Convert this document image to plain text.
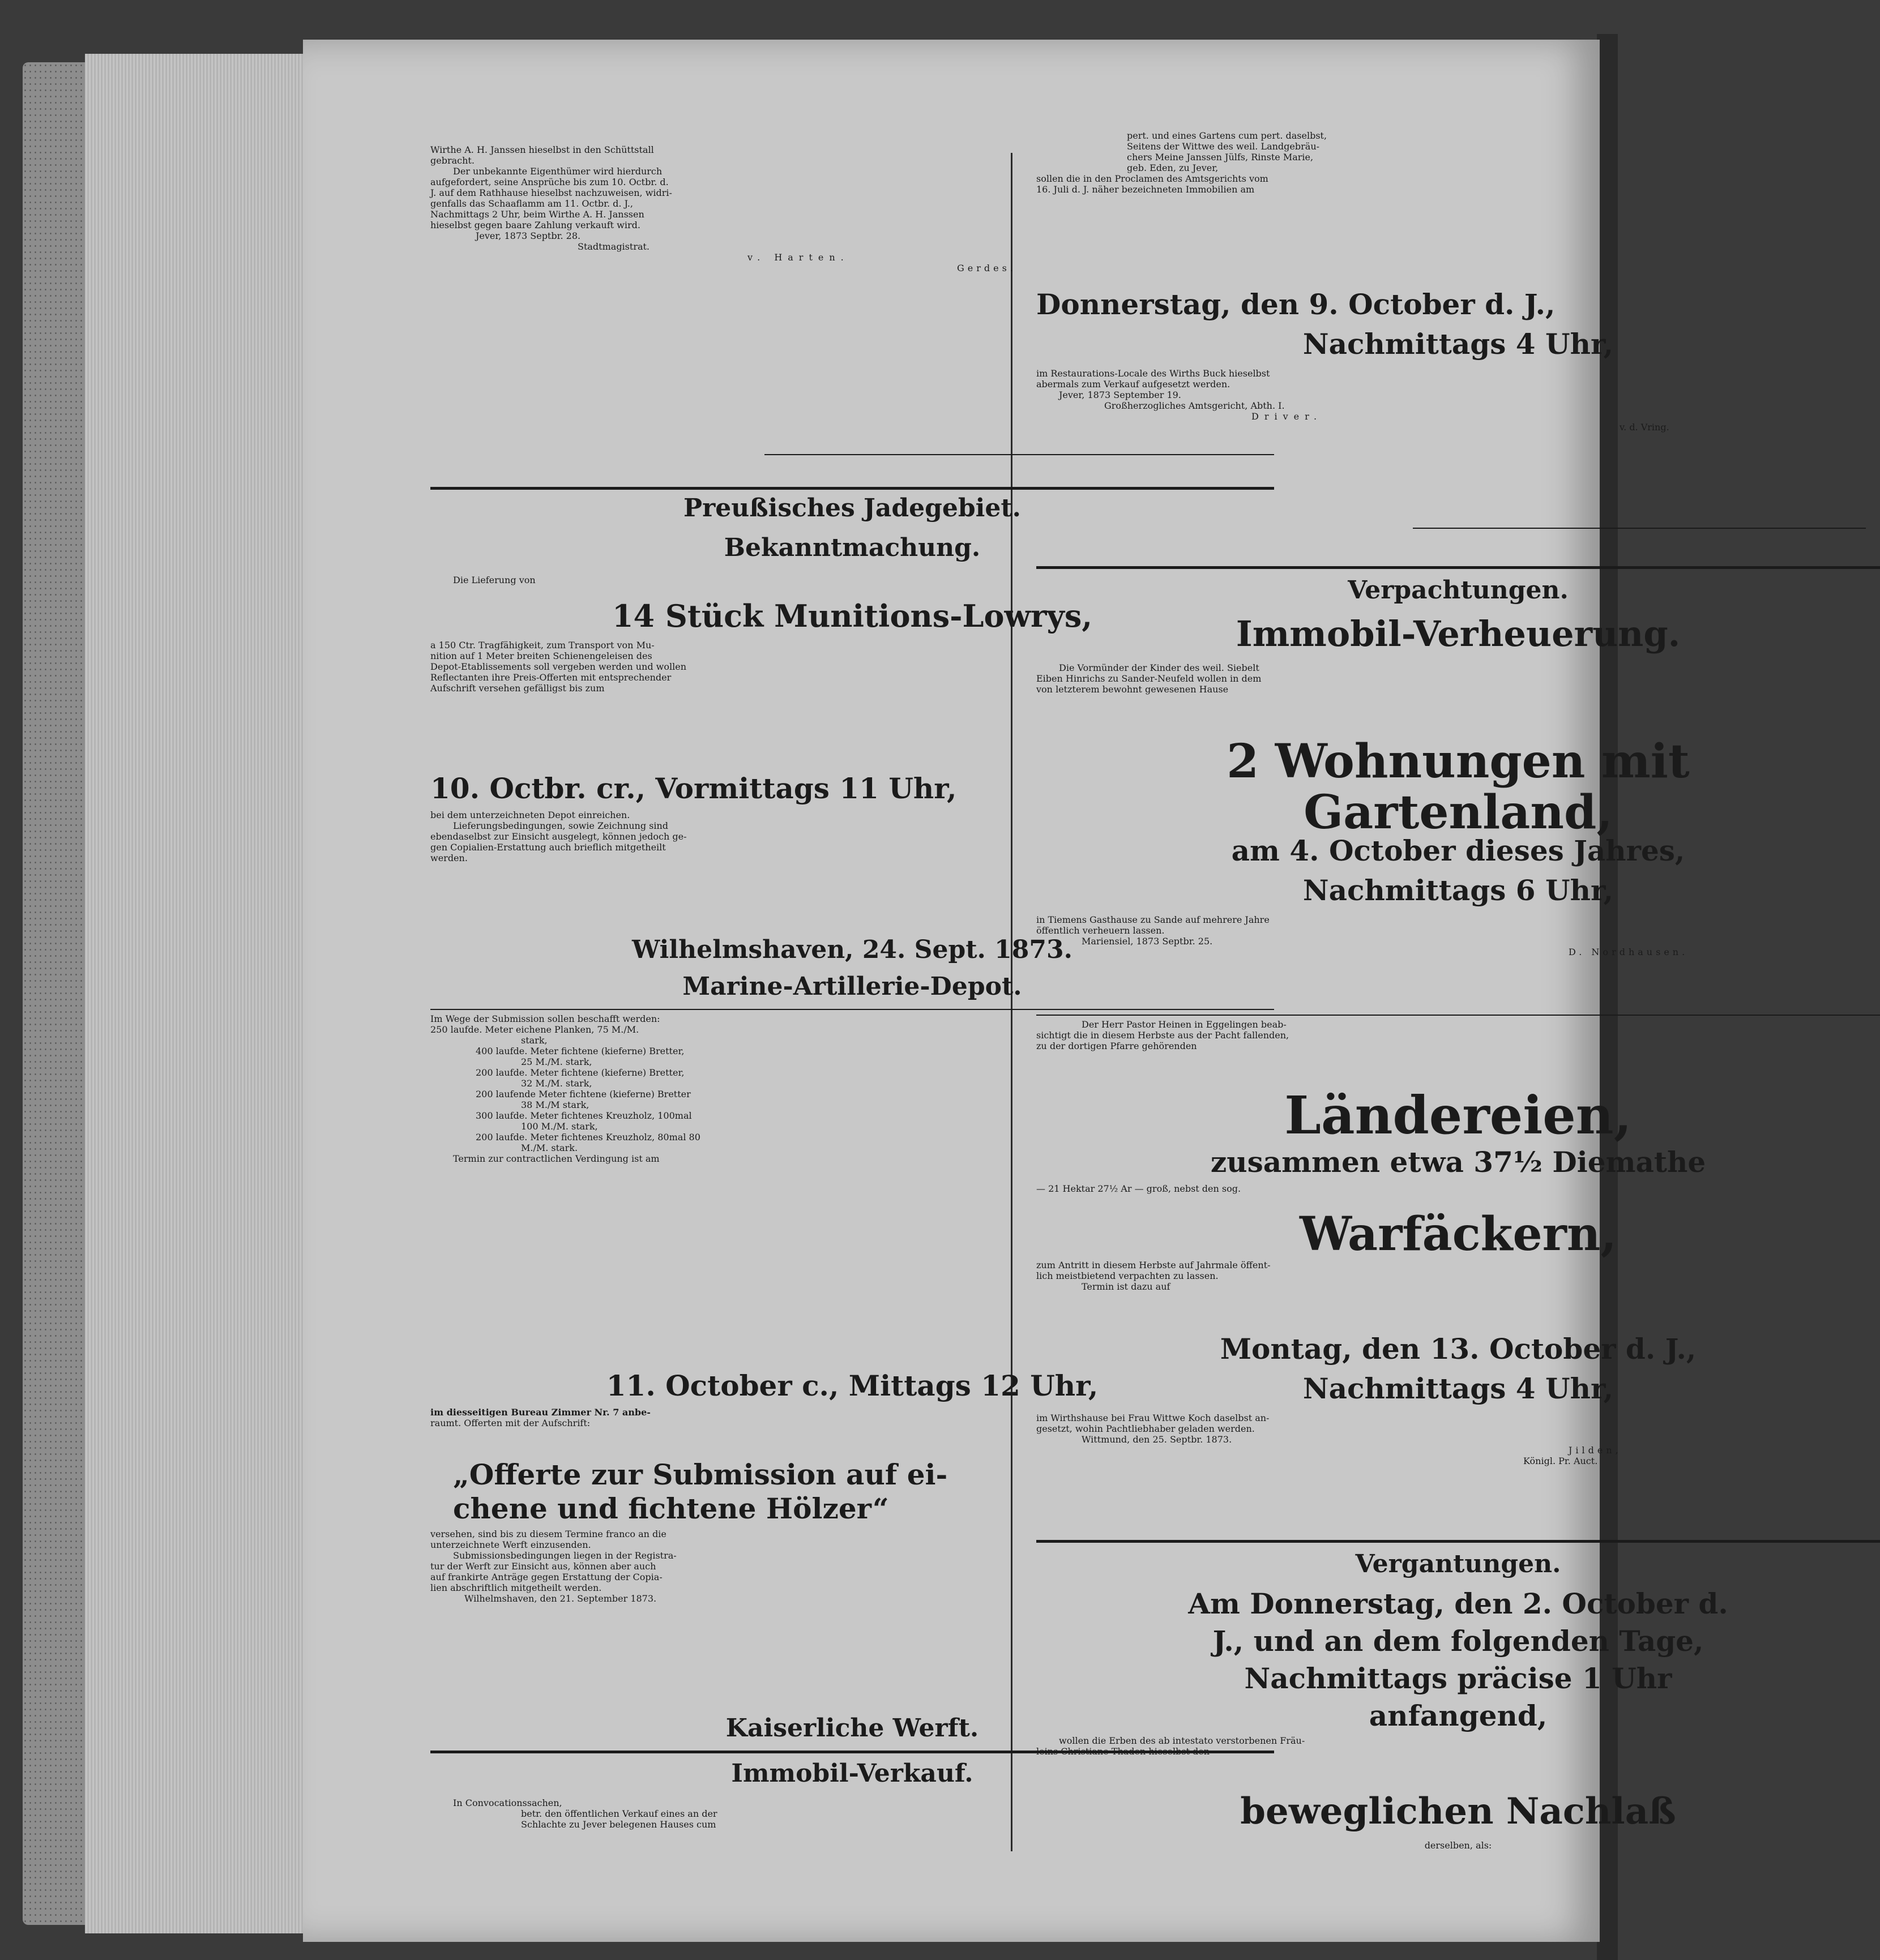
Wirthe A. H. Janssen hieselbst in den Schüttstall
gebracht.
Der unbekannte Eigenthümer wird hierdurch
aufgefordert, seine Ansprüche bis zum 10. Octbr. d.
J. auf dem Rathhause hieselbst nachzuweisen, widri-
genfalls das Schaaflamm am 11. Octbr. d. J.,
Nachmittags 2 Uhr, beim Wirthe A. H. Janssen
hieselbst gegen baare Zahlung verkauft wird.
Jever, 1873 Septbr. 28.
Stadtmagistrat.
v. Harten.
Gerdes.
Preußisches Jadegebiet.
Bekanntmachung.
Die Lieferung von
14 Stück Munitions-Lowrys,
a 150 Ctr. Tragfähigkeit, zum Transport von Mu-
nition auf 1 Meter breiten Schienengeleisen des
Depot-Etablissements soll vergeben werden und wollen
Reflectanten ihre Preis-Offerten mit entsprechender
Aufschrift versehen gefälligst bis zum
10. Octbr. cr., Vormittags 11 Uhr,
bei dem unterzeichneten Depot einreichen.
Lieferungsbedingungen, sowie Zeichnung sind
ebendaselbst zur Einsicht ausgelegt, können jedoch ge-
gen Copialien-Erstattung auch brieflich mitgetheilt
werden.
Wilhelmshaven, 24. Sept. 1873.
Marine-Artillerie-Depot.
Im Wege der Submission sollen beschafft werden:
250 laufde. Meter eichene Planken, 75 M./M.
stark,
400 laufde. Meter fichtene (kieferne) Bretter,
25 M./M. stark,
200 laufde. Meter fichtene (kieferne) Bretter,
32 M./M. stark,
200 laufende Meter fichtene (kieferne) Bretter
38 M./M stark,
300 laufde. Meter fichtenes Kreuzholz, 100mal
100 M./M. stark,
200 laufde. Meter fichtenes Kreuzholz, 80mal 80
M./M. stark.
Termin zur contractlichen Verdingung ist am
11. October c., Mittags 12 Uhr,
im diesseitigen Bureau Zimmer Nr. 7 anbe-
raumt. Offerten mit der Aufschrift:
„Offerte zur Submission auf ei-
chene und fichtene Hölzer“
versehen, sind bis zu diesem Termine franco an die
unterzeichnete Werft einzusenden.
Submissionsbedingungen liegen in der Registra-
tur der Werft zur Einsicht aus, können aber auch
auf frankirte Anträge gegen Erstattung der Copia-
lien abschriftlich mitgetheilt werden.
Wilhelmshaven, den 21. September 1873.
Kaiserliche Werft.
Immobil-Verkauf.
In Convocationssachen,
betr. den öffentlichen Verkauf eines an der
Schlachte zu Jever belegenen Hauses cum
pert. und eines Gartens cum pert. daselbst,
Seitens der Wittwe des weil. Landgebräu-
chers Meine Janssen Jülfs, Rinste Marie,
geb. Eden, zu Jever,
sollen die in den Proclamen des Amtsgerichts vom
16. Juli d. J. näher bezeichneten Immobilien am
Donnerstag, den 9. October d. J.,
Nachmittags 4 Uhr,
im Restaurations-Locale des Wirths Buck hieselbst
abermals zum Verkauf aufgesetzt werden.
Jever, 1873 September 19.
Großherzogliches Amtsgericht, Abth. I.
Driver.
v. d. Vring.
Verpachtungen.
Immobil-Verheuerung.
Die Vormünder der Kinder des weil. Siebelt
Eiben Hinrichs zu Sander-Neufeld wollen in dem
von letzterem bewohnt gewesenen Hause
2 Wohnungen mit
Gartenland,
am 4. October dieses Jahres,
Nachmittags 6 Uhr,
in Tiemens Gasthause zu Sande auf mehrere Jahre
öffentlich verheuern lassen.
Mariensiel, 1873 Septbr. 25.
D. Nordhausen.
Der Herr Pastor Heinen in Eggelingen beab-
sichtigt die in diesem Herbste aus der Pacht fallenden,
zu der dortigen Pfarre gehörenden
Ländereien,
zusammen etwa 37½ Diemathe
— 21 Hektar 27½ Ar — groß, nebst den sog.
Warfäckern,
zum Antritt in diesem Herbste auf Jahrmale öffent-
lich meistbietend verpachten zu lassen.
Termin ist dazu auf
Montag, den 13. October d. J.,
Nachmittags 4 Uhr,
im Wirthshause bei Frau Wittwe Koch daselbst an-
gesetzt, wohin Pachtliebhaber geladen werden.
Wittmund, den 25. Septbr. 1873.
Jilden,
Königl. Pr. Auct.
Vergantungen.
Am Donnerstag, den 2. October d.
J., und an dem folgenden Tage,
Nachmittags präcise 1 Uhr
anfangend,
wollen die Erben des ab intestato verstorbenen Fräu-
leins Christiane Thaden hieselbst den
beweglichen Nachlaß
derselben, als:
